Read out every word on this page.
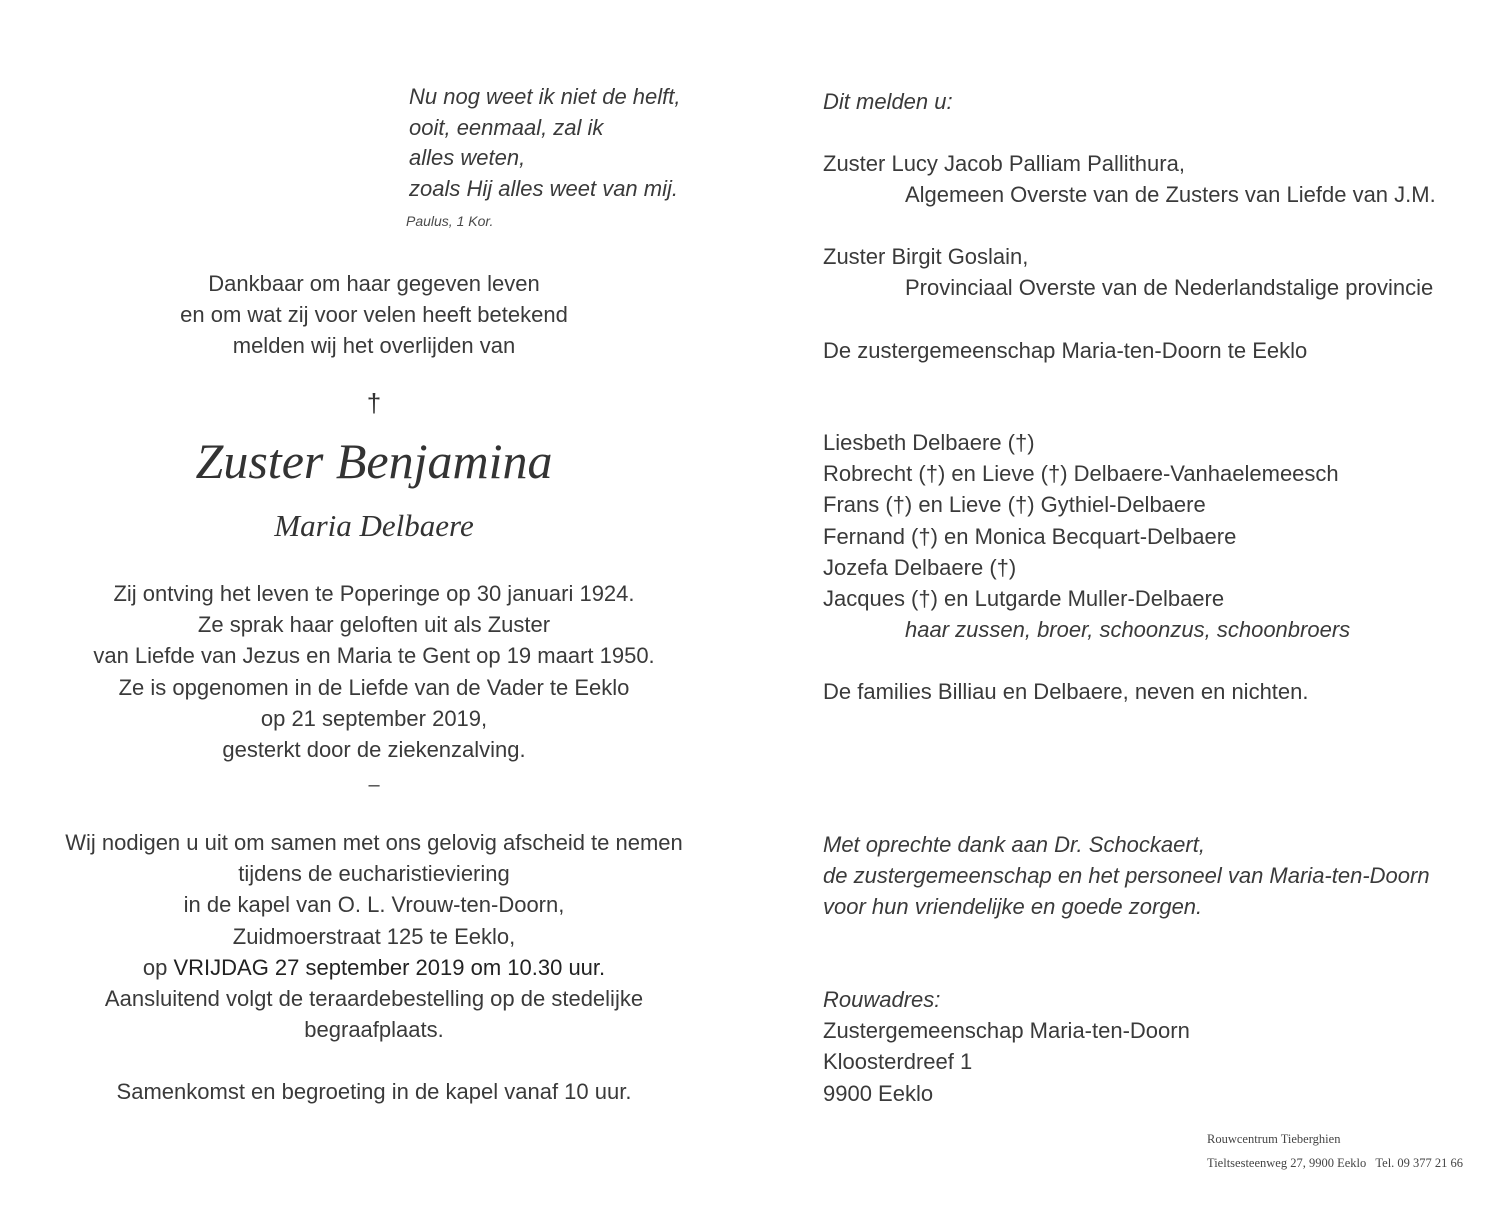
Nu nog weet ik niet de helft,
ooit, eenmaal, zal ik
alles weten,
zoals Hij alles weet van mij.
Paulus, 1 Kor.
Dankbaar om haar gegeven leven
en om wat zij voor velen heeft betekend
melden wij het overlijden van
†
Zuster Benjamina
Maria Delbaere
Zij ontving het leven te Poperinge op 30 januari 1924.
Ze sprak haar geloften uit als Zuster
van Liefde van Jezus en Maria te Gent op 19 maart 1950.
Ze is opgenomen in de Liefde van de Vader te Eeklo
op 21 september 2019,
gesterkt door de ziekenzalving.
–
Wij nodigen u uit om samen met ons gelovig afscheid te nemen
tijdens de eucharistieviering
in de kapel van O. L. Vrouw-ten-Doorn,
Zuidmoerstraat 125 te Eeklo,
op VRIJDAG 27 september 2019 om 10.30 uur.
Aansluitend volgt de teraardebestelling op de stedelijke
begraafplaats.
Samenkomst en begroeting in de kapel vanaf 10 uur.
Dit melden u:
Zuster Lucy Jacob Palliam Pallithura,
Algemeen Overste van de Zusters van Liefde van J.M.
Zuster Birgit Goslain,
Provinciaal Overste van de Nederlandstalige provincie
De zustergemeenschap Maria-ten-Doorn te Eeklo
Liesbeth Delbaere (†)
Robrecht (†) en Lieve (†) Delbaere-Vanhaelemeesch
Frans (†) en Lieve (†) Gythiel-Delbaere
Fernand (†) en Monica Becquart-Delbaere
Jozefa Delbaere (†)
Jacques (†) en Lutgarde Muller-Delbaere
haar zussen, broer, schoonzus, schoonbroers
De families Billiau en Delbaere, neven en nichten.
Met oprechte dank aan Dr. Schockaert,
de zustergemeenschap en het personeel van Maria-ten-Doorn
voor hun vriendelijke en goede zorgen.
Rouwadres:
Zustergemeenschap Maria-ten-Doorn
Kloosterdreef 1
9900 Eeklo
Rouwcentrum Tieberghien
Tieltsesteenweg 27, 9900 Eeklo   Tel. 09 377 21 66
